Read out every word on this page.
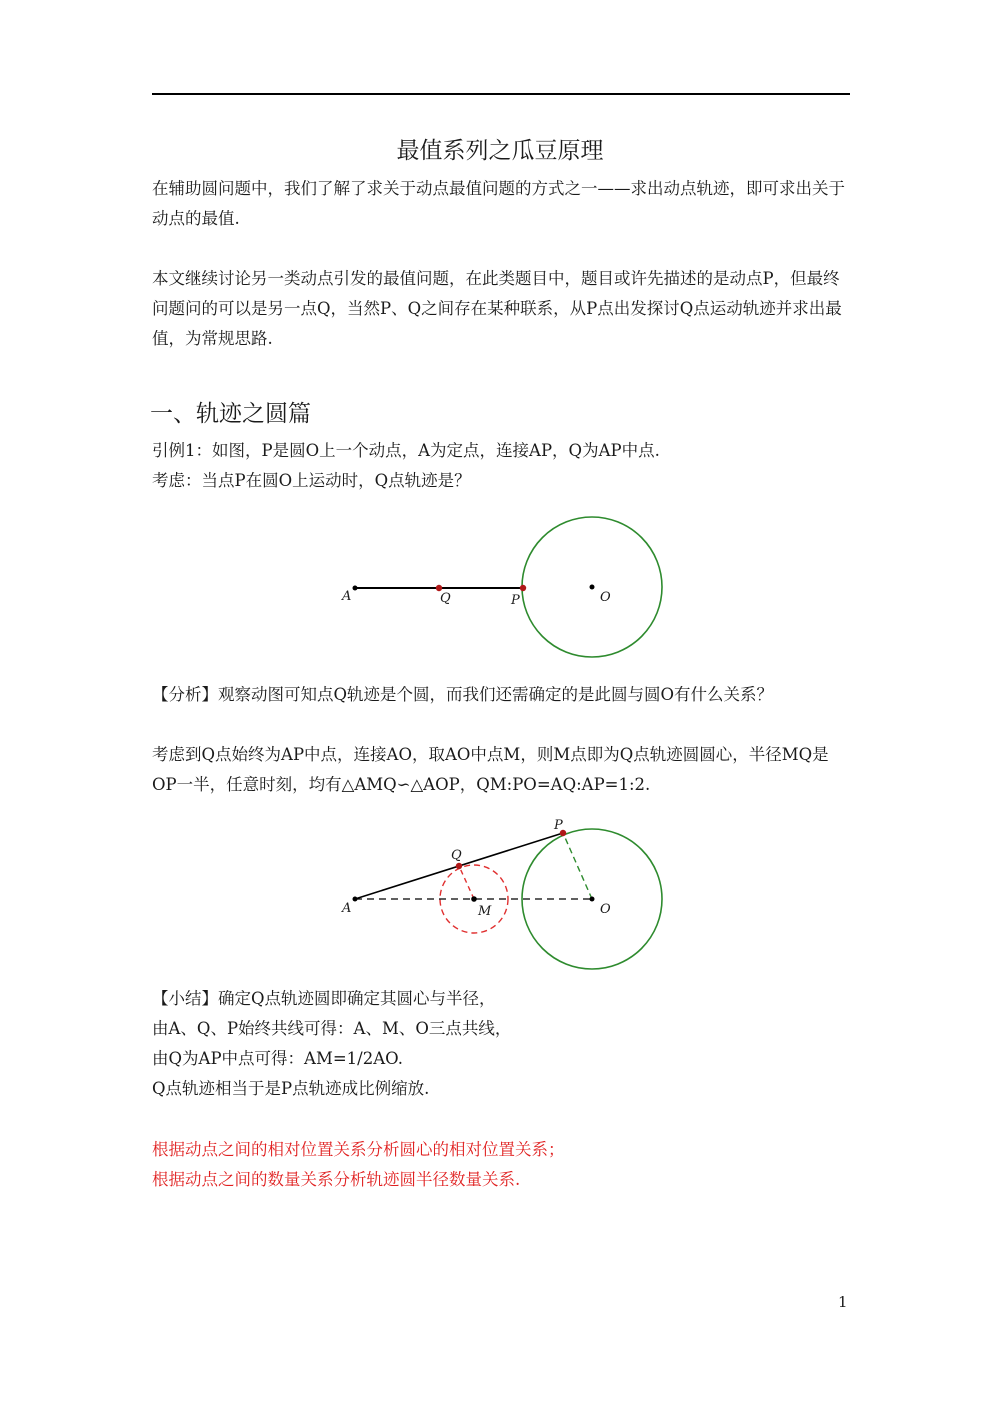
最值系列之瓜豆原理
在辅助圆问题中，我们了解了求关于动点最值问题的方式之一——求出动点轨迹，即可求出关于动点的最值.
本文继续讨论另一类动点引发的最值问题，在此类题目中，题目或许先描述的是动点P，但最终问题问的可以是另一点Q，当然P、Q之间存在某种联系，从P点出发探讨Q点运动轨迹并求出最值，为常规思路.
一、轨迹之圆篇
引例1：如图，P是圆O上一个动点，A为定点，连接AP，Q为AP中点.
考虑：当点P在圆O上运动时，Q点轨迹是？
A	Q	P	O
【分析】观察动图可知点Q轨迹是个圆，而我们还需确定的是此圆与圆O有什么关系？
考虑到Q点始终为AP中点，连接AO，取AO中点M，则M点即为Q点轨迹圆圆心，半径MQ是OP一半，任意时刻，均有△AMQ∽△AOP，QM:PO=AQ:AP=1:2.
A	M	O
Q
P
【小结】确定Q点轨迹圆即确定其圆心与半径，
由A、Q、P始终共线可得：A、M、O三点共线，
由Q为AP中点可得：AM=1/2AO.
Q点轨迹相当于是P点轨迹成比例缩放.
根据动点之间的相对位置关系分析圆心的相对位置关系；
根据动点之间的数量关系分析轨迹圆半径数量关系.
1
